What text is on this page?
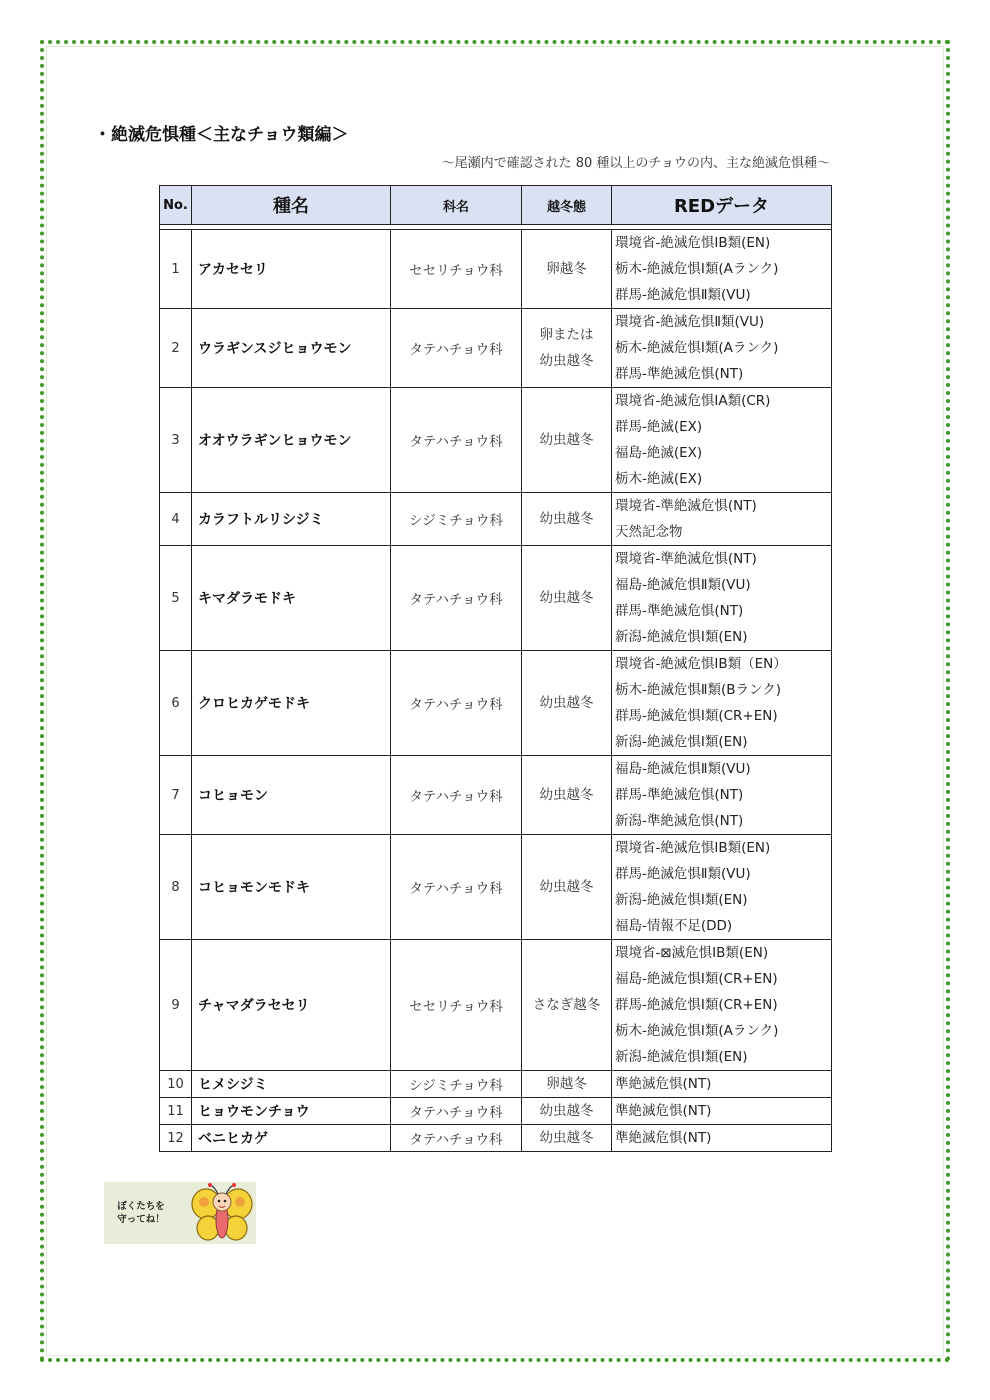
・絶滅危惧種＜主なチョウ類編＞
～尾瀬内で確認された 80 種以上のチョウの内、主な絶滅危惧種～
No.	種名	科名	越冬態	REDデータ

1	アカセセリ	セセリチョウ科	卵越冬	環境省-絶滅危惧ⅠB類(EN)
栃木-絶滅危惧Ⅰ類(Aランク)
群馬-絶滅危惧Ⅱ類(VU)

2	ウラギンスジヒョウモン	タテハチョウ科	卵または
幼虫越冬	環境省-絶滅危惧Ⅱ類(VU)
栃木-絶滅危惧Ⅰ類(Aランク)
群馬-準絶滅危惧(NT)

3	オオウラギンヒョウモン	タテハチョウ科	幼虫越冬	環境省-絶滅危惧ⅠA類(CR)
群馬-絶滅(EX)
福島-絶滅(EX)
栃木-絶滅(EX)

4	カラフトルリシジミ	シジミチョウ科	幼虫越冬	環境省-準絶滅危惧(NT)
天然記念物

5	キマダラモドキ	タテハチョウ科	幼虫越冬	環境省-準絶滅危惧(NT)
福島-絶滅危惧Ⅱ類(VU)
群馬-準絶滅危惧(NT)
新潟-絶滅危惧Ⅰ類(EN)

6	クロヒカゲモドキ	タテハチョウ科	幼虫越冬	環境省-絶滅危惧IB類（EN）
栃木-絶滅危惧Ⅱ類(Bランク)
群馬-絶滅危惧Ⅰ類(CR+EN)
新潟-絶滅危惧Ⅰ類(EN)

7	コヒョモン	タテハチョウ科	幼虫越冬	福島-絶滅危惧Ⅱ類(VU)
群馬-準絶滅危惧(NT)
新潟-準絶滅危惧(NT)

8	コヒョモンモドキ	タテハチョウ科	幼虫越冬	環境省-絶滅危惧ⅠB類(EN)
群馬-絶滅危惧Ⅱ類(VU)
新潟-絶滅危惧Ⅰ類(EN)
福島-情報不足(DD)

9	チャマダラセセリ	セセリチョウ科	さなぎ越冬	環境省-⊠滅危惧ⅠB類(EN)
福島-絶滅危惧Ⅰ類(CR+EN)
群馬-絶滅危惧Ⅰ類(CR+EN)
栃木-絶滅危惧Ⅰ類(Aランク)
新潟-絶滅危惧Ⅰ類(EN)

10	ヒメシジミ	シジミチョウ科	卵越冬	準絶滅危惧(NT)

11	ヒョウモンチョウ	タテハチョウ科	幼虫越冬	準絶滅危惧(NT)

12	ベニヒカゲ	タテハチョウ科	幼虫越冬	準絶滅危惧(NT)
ぼくたちを
守ってね！
